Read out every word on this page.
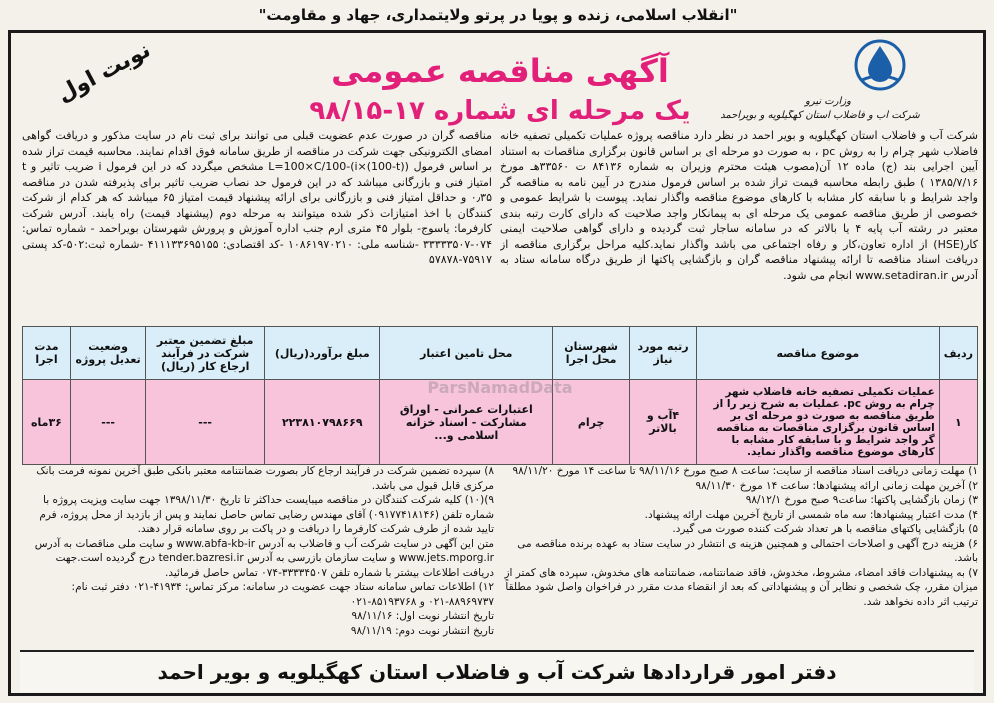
"انقلاب اسلامی، زنده و پویا در پرتو ولایتمداری، جهاد و مقاومت"
وزارت نیرو
شرکت آب و فاضلاب استان کهگیلویه و بویراحمد
آگهی مناقصه عمومی
یک مرحله ای شماره ۱۷-۹۸/۱۵
نوبت اول
شرکت آب و فاضلاب استان کهگیلویه و بویر احمد در نظر دارد مناقصه پروژه عملیات تکمیلی تصفیه خانه فاضلاب شهر چرام را به روش pc ، به صورت دو مرحله ای بر اساس قانون برگزاری مناقصات به استناد آیین اجرایی بند (ج) ماده ۱۲ آن(مصوب هیئت محترم وزیران به شماره ۸۴۱۳۶ ت ۳۳۵۶۰هـ مورخ ۱۳۸۵/۷/۱۶ ) طبق رابطه محاسبه قیمت تراز شده بر اساس فرمول مندرج در آیین نامه به مناقصه گر واجد شرایط و با سابقه کار مشابه با کارهای موضوع مناقصه واگذار نماید. پیوست با شرایط عمومی و خصوصی از طریق مناقصه عمومی یک مرحله ای به پیمانکار واجد صلاحیت که دارای کارت رتبه بندی معتبر در رشته آب پایه ۴ یا بالاتر که در سامانه ساجار ثبت گردیده و دارای گواهی صلاحیت ایمنی کار(HSE) از اداره تعاون،کار و رفاه اجتماعی می باشد واگذار نماید.کلیه مراحل برگزاری مناقصه از دریافت اسناد مناقصه تا ارائه پیشنهاد مناقصه گران و بازگشایی پاکتها از طریق درگاه سامانه ستاد به آدرس www.setadiran.ir انجام می شود.
مناقصه گران در صورت عدم عضویت قبلی می توانند برای ثبت نام در سایت مذکور و دریافت گواهی امضای الکترونیکی جهت شرکت در مناقصه از طریق سامانه فوق اقدام نمایند. محاسبه قیمت تراز شده بر اساس فرمول L=100×C/100-(i×(100-t)) مشخص میگردد که در این فرمول i ضریب تاثیر و t امتیاز فنی و بازرگانی میباشد که در این فرمول حد نصاب ضریب تاثیر برای پذیرفته شدن در مناقصه ۰٫۳۵ و حداقل امتیاز فنی و بازرگانی برای ارائه پیشنهاد قیمت امتیاز ۶۵ میباشد که هر کدام از شرکت کنندگان با اخذ امتیازات ذکر شده میتوانند به مرحله دوم (پیشنهاد قیمت) راه یابند. آدرس شرکت کارفرما: یاسوج- بلوار ۴۵ متری ارم جنب اداره آموزش و پرورش شهرستان بویراحمد - شماره تماس: ۰۷۴-۳۳۳۳۳۵۰۷ -شناسه ملی: ۱۰۸۶۱۹۷۰۲۱۰ -کد اقتصادی: ۴۱۱۱۳۳۶۹۵۱۵۵ -شماره ثبت:۵۰۲-کد پستی ۷۵۹۱۷-۵۷۸۷۸
ردیف	موضوع مناقصه	رتبه مورد نیاز	شهرستان محل اجرا	محل تامین اعتبار	مبلغ برآورد(ریال)	مبلغ تضمین معتبر شرکت در فرآیند ارجاع کار (ریال)	وضعیت تعدیل پروژه	مدت اجرا
۱	عملیات تکمیلی تصفیه خانه فاضلاب شهر چرام به روش pc. عملیات به شرح زیر را از طریق مناقصه به صورت دو مرحله ای بر اساس قانون برگزاری مناقصات به مناقصه گر واجد شرایط و با سابقه کار مشابه با کارهای موضوع مناقصه واگذار نماید.	۴آب و بالاتر	چرام	اعتبارات عمرانی - اوراق مشارکت - اسناد خزانه اسلامی و...	۲۲۳۸۱۰۷۹۸۶۶۹	---	---	۳۶ماه
ParsNamadData

۱) مهلت زمانی دریافت اسناد مناقصه از سایت: ساعت ۸ صبح مورخ ۹۸/۱۱/۱۶ تا ساعت ۱۴ مورخ ۹۸/۱۱/۲۰

۲) آخرین مهلت زمانی ارائه پیشنهادها: ساعت ۱۴ مورخ ۹۸/۱۱/۳۰

۳) زمان بازگشایی پاکتها: ساعت۹ صبح مورخ ۹۸/۱۲/۱

۴) مدت اعتبار پیشنهادها: سه ماه شمسی از تاریخ آخرین مهلت ارائه پیشنهاد.

۵) بازگشایی پاکتهای مناقصه با هر تعداد شرکت کننده صورت می گیرد.

۶) هزینه درج آگهی و اصلاحات احتمالی و همچنین هزینه ی انتشار در سایت ستاد به عهده برنده مناقصه می باشد.

۷) به پیشنهادات فاقد امضاء، مشروط، مخدوش، فاقد ضمانتنامه، ضمانتنامه های مخدوش، سپرده های کمتر از میزان مقرر، چک شخصی و نظایر آن و پیشنهاداتی که بعد از انقضاء مدت مقرر در فراخوان واصل شود مطلقاً ترتیب اثر داده نخواهد شد.

۸) سپرده تضمین شرکت در فرآیند ارجاع کار بصورت ضمانتنامه معتبر بانکی طبق آخرین نمونه فرمت بانک مرکزی قابل قبول می باشد.

۹)(۱۰) کلیه شرکت کنندگان در مناقصه میبایست حداکثر تا تاریخ ۱۳۹۸/۱۱/۳۰ جهت سایت ویزیت پروژه با شماره تلفن (۰۹۱۷۷۴۱۸۱۴۶) آقای مهندس رضایی تماس حاصل نمایند و پس از بازدید از محل پروژه، فرم تایید شده از طرف شرکت کارفرما را دریافت و در پاکت بر روی سامانه قرار دهند.

متن این آگهی در سایت شرکت آب و فاضلاب به آدرس www.abfa-kb-ir و سایت ملی مناقصات به آدرس www.jets.mporg.ir و سایت سازمان بازرسی به آدرس tender.bazresi.ir درج گردیده است.جهت دریافت اطلاعات بیشتر با شماره تلفن ۳۳۳۳۴۵۰۷-۰۷۴ تماس حاصل فرمائید.

۱۲) اطلاعات تماس سامانه ستاد جهت عضویت در سامانه: مرکز تماس: ۴۱۹۳۴-۰۲۱ دفتر ثبت نام: ۸۸۹۶۹۷۳۷-۰۲۱ و ۸۵۱۹۳۷۶۸-۰۲۱

تاریخ انتشار نوبت اول: ۹۸/۱۱/۱۶

تاریخ انتشار نوبت دوم: ۹۸/۱۱/۱۹

دفتر امور قراردادها شرکت آب و فاضلاب استان کهگیلویه و بویر احمد
